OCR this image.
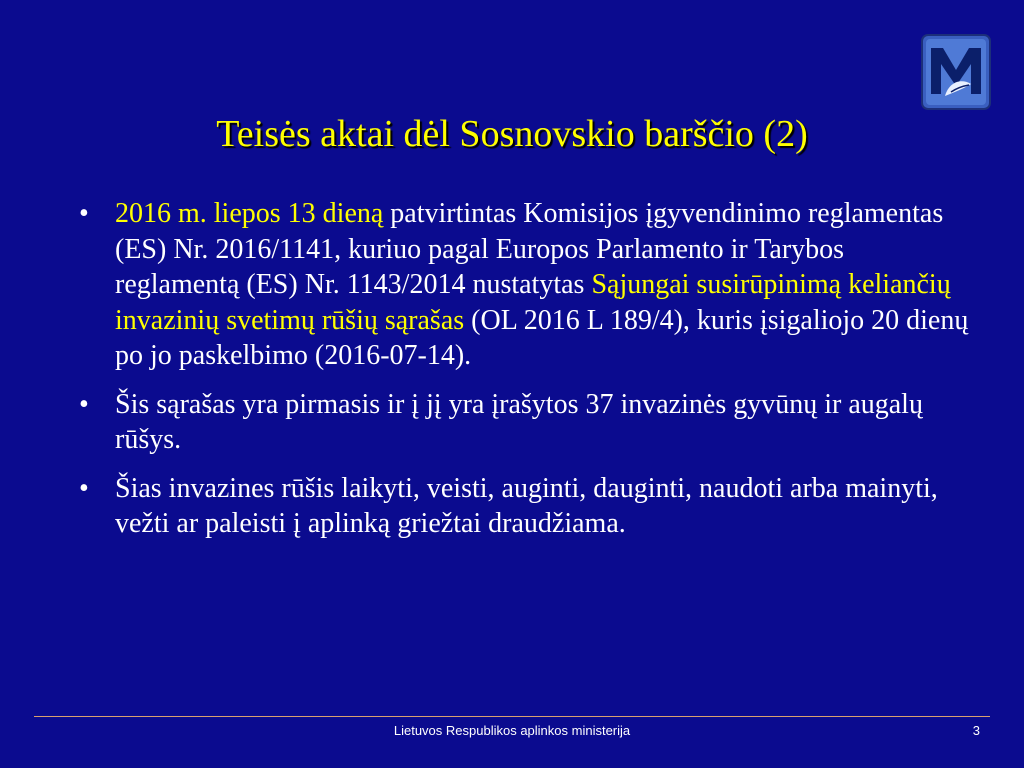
Teisės aktai dėl Sosnovskio barščio (2)
• 2016 m. liepos 13 dieną patvirtintas Komisijos įgyvendinimo reglamentas (ES) Nr. 2016/1141, kuriuo pagal Europos Parlamento ir Tarybos reglamentą (ES) Nr. 1143/2014 nustatytas Sąjungai susirūpinimą keliančių invazinių svetimų rūšių sąrašas (OL 2016 L 189/4), kuris įsigaliojo 20 dienų po jo paskelbimo (2016-07-14).
• Šis sąrašas yra pirmasis ir į jį yra įrašytos 37 invazinės gyvūnų ir augalų rūšys.
• Šias invazines rūšis laikyti, veisti, auginti, dauginti, naudoti arba mainyti, vežti ar paleisti į aplinką griežtai draudžiama.
Lietuvos Respublikos aplinkos ministerija	3
